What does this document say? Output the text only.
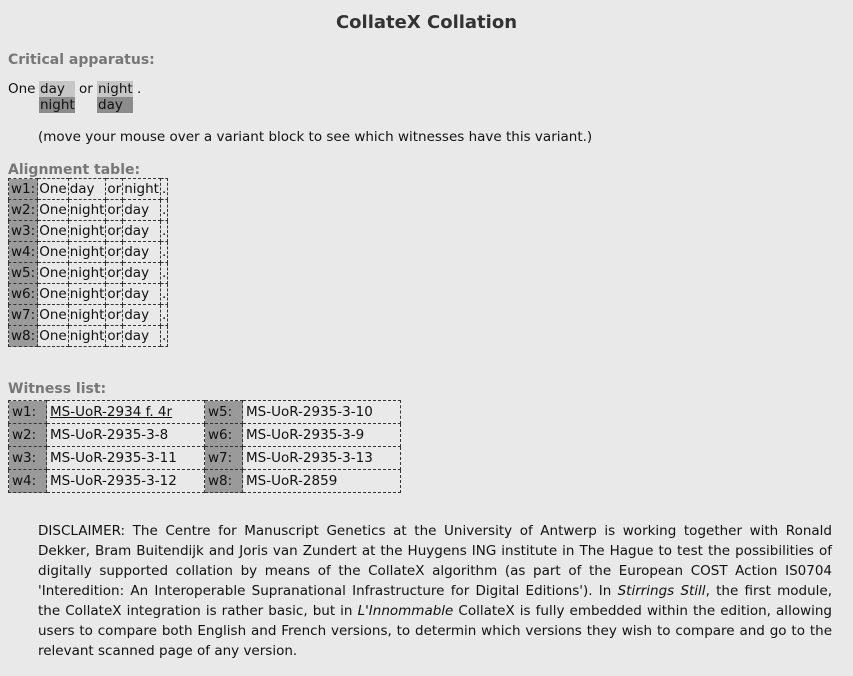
CollateX Collation
Critical apparatus:
One day
night
or night
day
.
(move your mouse over a variant block to see which witnesses have this variant.)
Alignment table:
w1:	One	day	or	night	.
w2:	One	night	or	day	.
w3:	One	night	or	day	.
w4:	One	night	or	day	.
w5:	One	night	or	day	.
w6:	One	night	or	day	.
w7:	One	night	or	day	.
w8:	One	night	or	day	.
Witness list:
w1:	MS-UoR-2934 f. 4r	w5:	MS-UoR-2935-3-10
w2:	MS-UoR-2935-3-8	w6:	MS-UoR-2935-3-9
w3:	MS-UoR-2935-3-11	w7:	MS-UoR-2935-3-13
w4:	MS-UoR-2935-3-12	w8:	MS-UoR-2859
DISCLAIMER: The Centre for Manuscript Genetics at the University of Antwerp is working together with Ronald Dekker, Bram Buitendijk and Joris van Zundert at the Huygens ING institute in The Hague to test the possibilities of digitally supported collation by means of the CollateX algorithm (as part of the European COST Action IS0704 'Interedition: An Interoperable Supranational Infrastructure for Digital Editions'). In Stirrings Still, the first module, the CollateX integration is rather basic, but in L'Innommable CollateX is fully embedded within the edition, allowing users to compare both English and French versions, to determin which versions they wish to compare and go to the relevant scanned page of any version.
